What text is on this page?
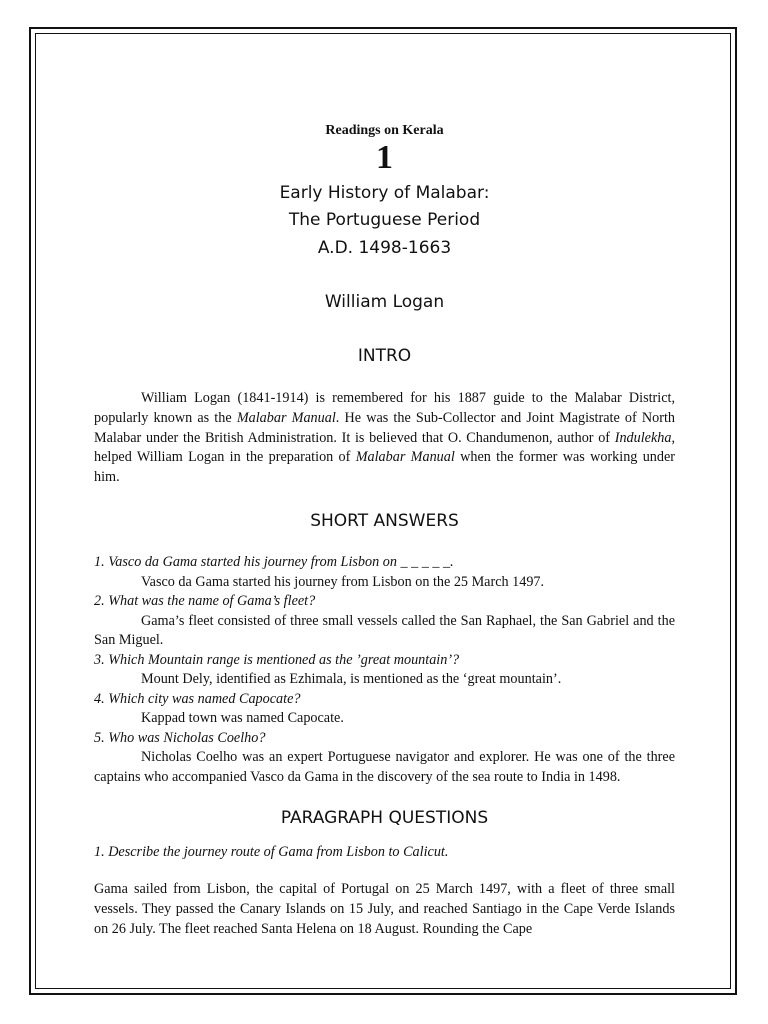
Readings on Kerala
1
Early History of Malabar:
The Portuguese Period
A.D. 1498-1663
William Logan
INTRO

William Logan (1841-1914) is remembered for his 1887 guide to the Malabar District, popularly known as the Malabar Manual. He was the Sub-Collector and Joint Magistrate of North Malabar under the British Administration. It is believed that O. Chandumenon, author of Indulekha, helped William Logan in the preparation of Malabar Manual when the former was working under him.

SHORT ANSWERS
1. Vasco da Gama started his journey from Lisbon on _ _ _ _ _.
Vasco da Gama started his journey from Lisbon on the 25 March 1497.
2. What was the name of Gama’s fleet?
Gama’s fleet consisted of three small vessels called the San Raphael, the San Gabriel and the San Miguel.
3. Which Mountain range is mentioned as the ’great mountain’?
Mount Dely, identified as Ezhimala, is mentioned as the ‘great mountain’.
4. Which city was named Capocate?
Kappad town was named Capocate.
5. Who was Nicholas Coelho?
Nicholas Coelho was an expert Portuguese navigator and explorer. He was one of the three captains who accompanied Vasco da Gama in the discovery of the sea route to India in 1498.
PARAGRAPH QUESTIONS
1. Describe the journey route of Gama from Lisbon to Calicut.

Gama sailed from Lisbon, the capital of Portugal on 25 March 1497, with a fleet of three small vessels. They passed the Canary Islands on 15 July, and reached Santiago in the Cape Verde Islands on 26 July. The fleet reached Santa Helena on 18 August. Rounding the Cape
